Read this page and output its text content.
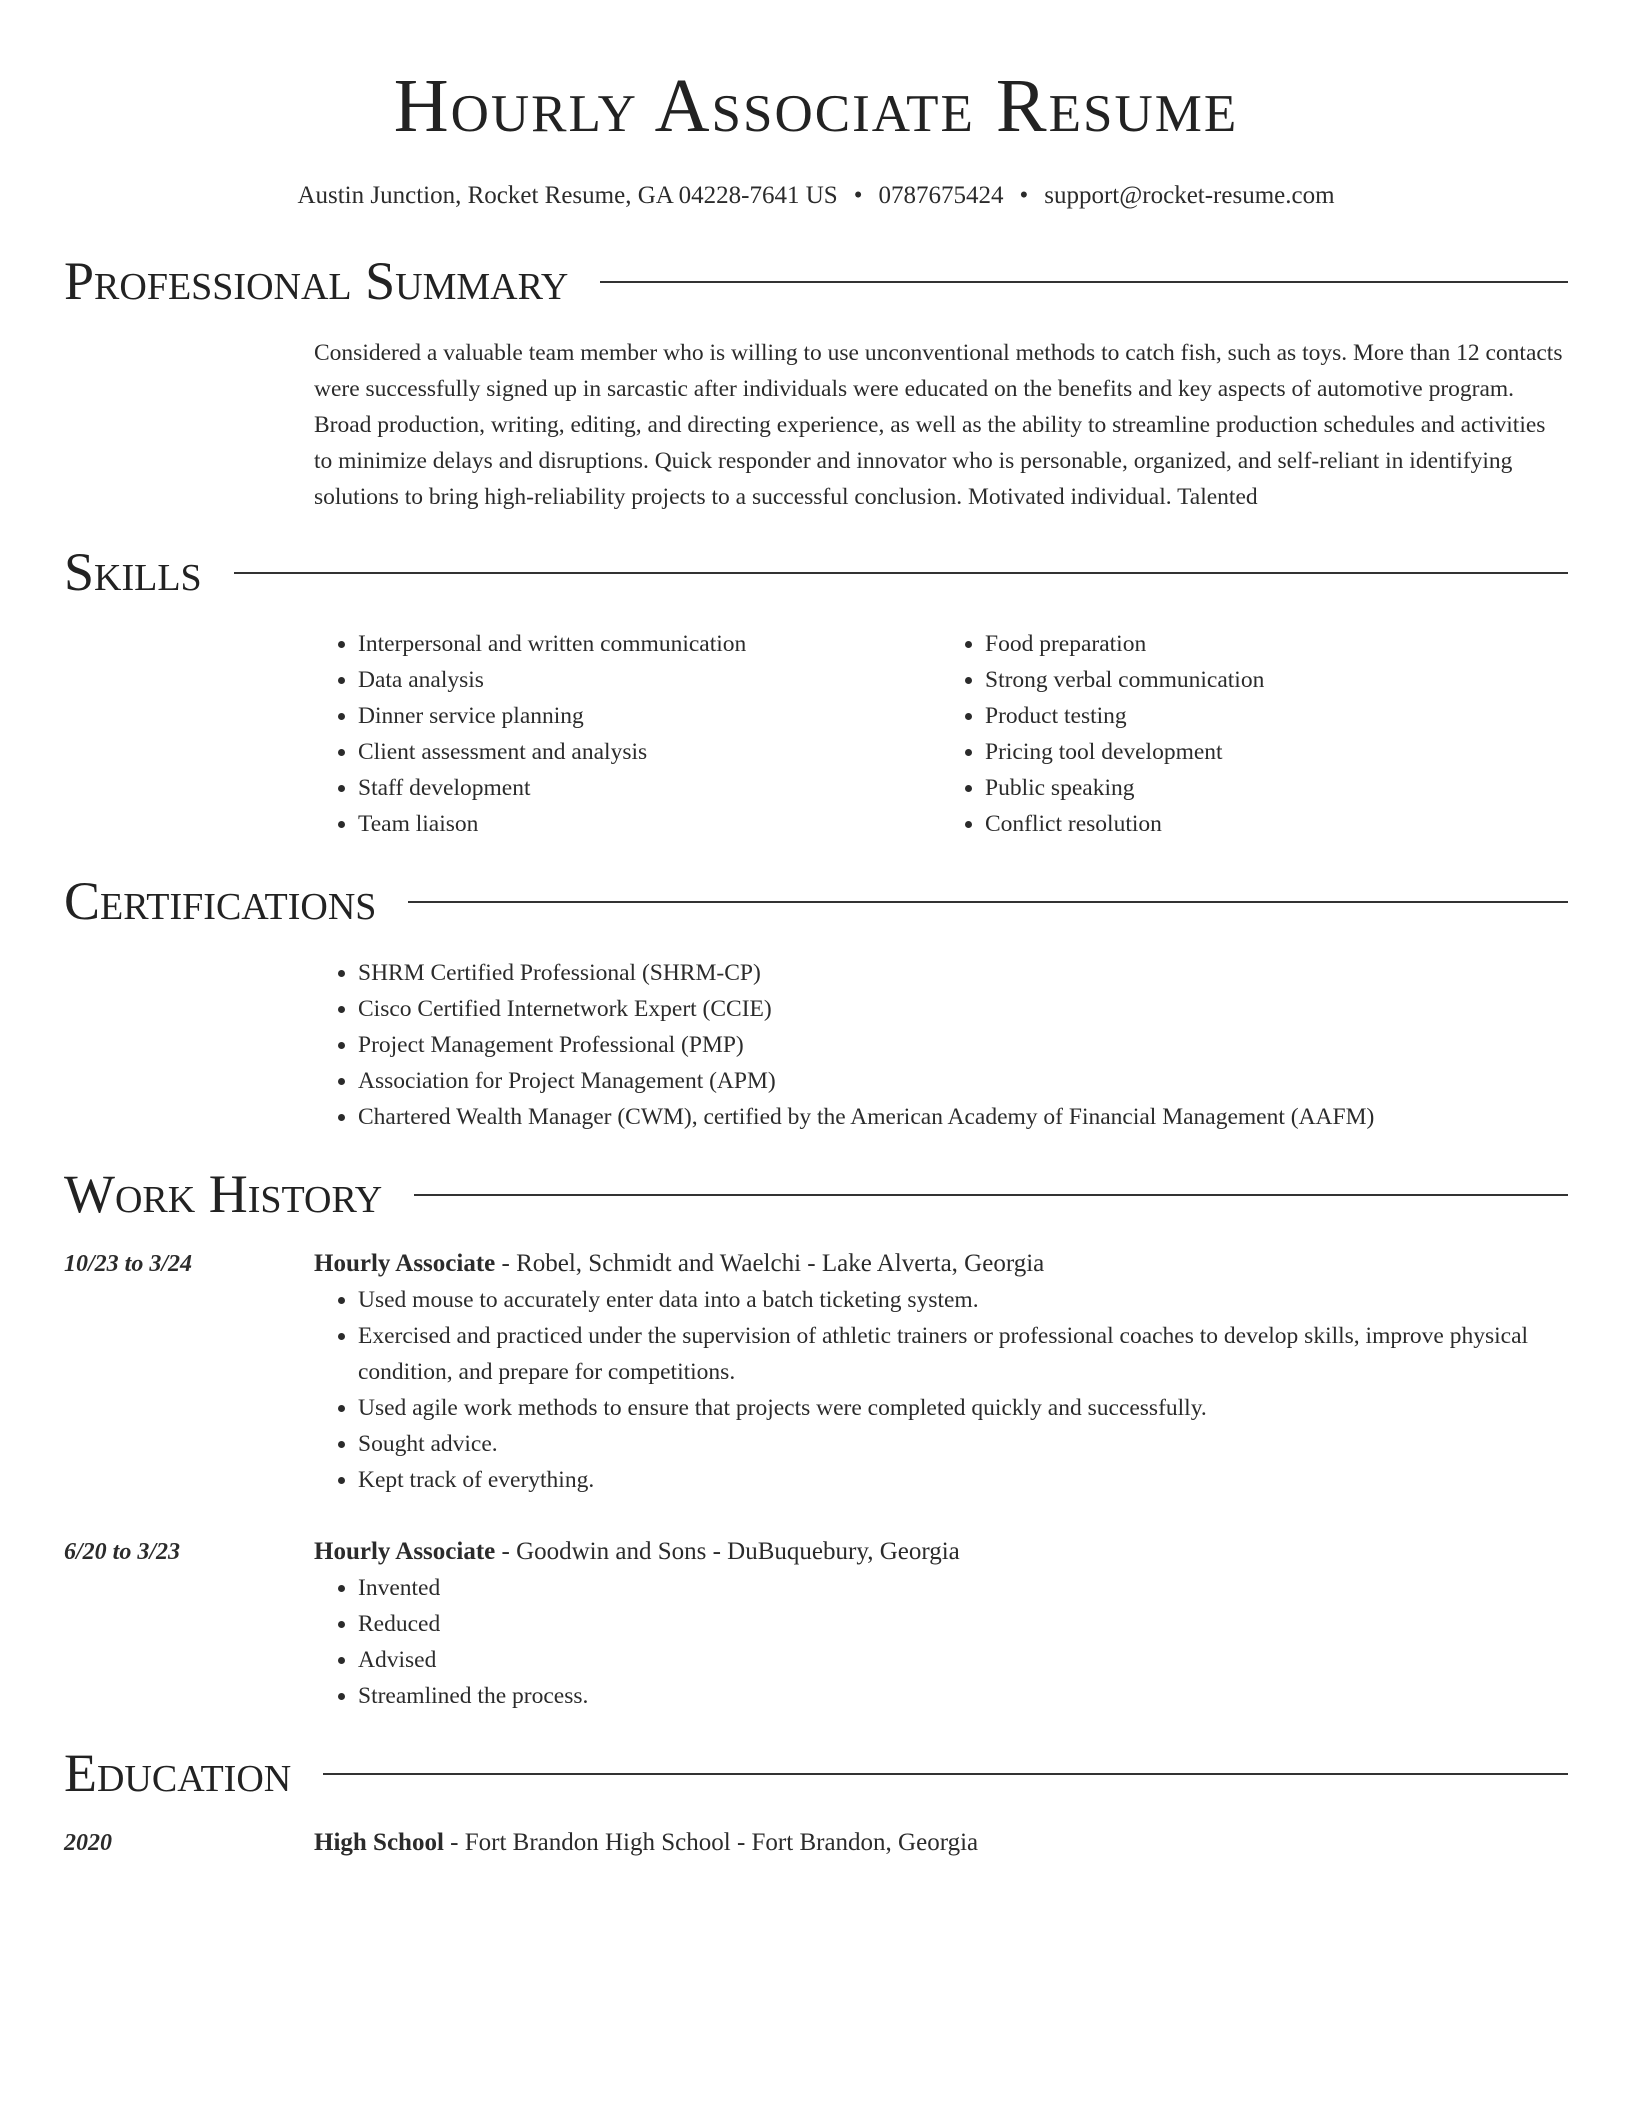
Hourly Associate Resume
Austin Junction, Rocket Resume, GA 04228-7641 US • 0787675424 • support@rocket-resume.com
Professional Summary

Considered a valuable team member who is willing to use unconventional methods to catch fish, such as toys. More than 12 contacts were successfully signed up in sarcastic after individuals were educated on the benefits and key aspects of automotive program. Broad production, writing, editing, and directing experience, as well as the ability to streamline production schedules and activities to minimize delays and disruptions. Quick responder and innovator who is personable, organized, and self-reliant in identifying solutions to bring high-reliability projects to a successful conclusion. Motivated individual. Talented

Skills
• Interpersonal and written communication
• Data analysis
• Dinner service planning
• Client assessment and analysis
• Staff development
• Team liaison
• Food preparation
• Strong verbal communication
• Product testing
• Pricing tool development
• Public speaking
• Conflict resolution
Certifications
• SHRM Certified Professional (SHRM-CP)
• Cisco Certified Internetwork Expert (CCIE)
• Project Management Professional (PMP)
• Association for Project Management (APM)
• Chartered Wealth Manager (CWM), certified by the American Academy of Financial Management (AAFM)
Work History
10/23 to 3/24	Hourly Associate - Robel, Schmidt and Waelchi - Lake Alverta, Georgia
• Used mouse to accurately enter data into a batch ticketing system.
• Exercised and practiced under the supervision of athletic trainers or professional coaches to develop skills, improve physical condition, and prepare for competitions.
• Used agile work methods to ensure that projects were completed quickly and successfully.
• Sought advice.
• Kept track of everything.
6/20 to 3/23	Hourly Associate - Goodwin and Sons - DuBuquebury, Georgia
• Invented
• Reduced
• Advised
• Streamlined the process.
Education
2020	High School - Fort Brandon High School - Fort Brandon, Georgia
